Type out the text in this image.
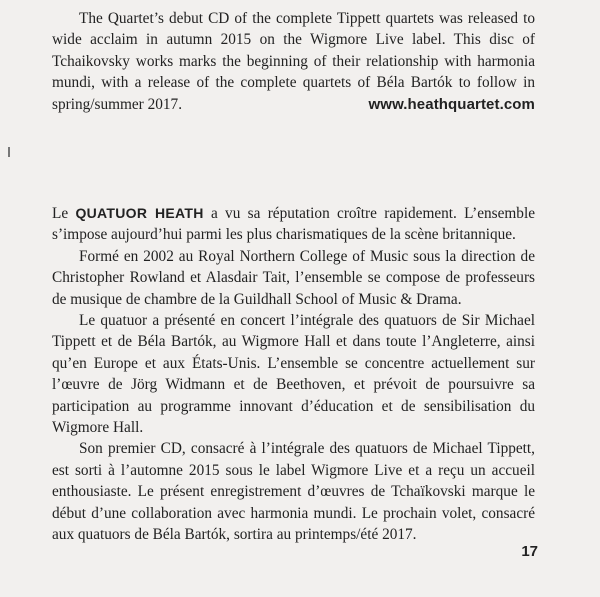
The Quartet’s debut CD of the complete Tippett quartets was released to wide acclaim in autumn 2015 on the Wigmore Live label. This disc of Tchaikovsky works marks the beginning of their relationship with harmonia mundi, with a release of the complete quartets of Béla Bartók to follow in spring/summer 2017.	www.heathquartet.com

Le QUATUOR HEATH a vu sa réputation croître rapidement. L’ensemble s’impose aujourd’hui parmi les plus charismatiques de la scène britannique.

Formé en 2002 au Royal Northern College of Music sous la direction de Christopher Rowland et Alasdair Tait, l’ensemble se compose de professeurs de musique de chambre de la Guildhall School of Music & Drama.

Le quatuor a présenté en concert l’intégrale des quatuors de Sir Michael Tippett et de Béla Bartók, au Wigmore Hall et dans toute l’Angleterre, ainsi qu’en Europe et aux États-Unis. L’ensemble se concentre actuellement sur l’œuvre de Jörg Widmann et de Beethoven, et prévoit de poursuivre sa participation au programme innovant d’éducation et de sensibilisation du Wigmore Hall.

Son premier CD, consacré à l’intégrale des quatuors de Michael Tippett, est sorti à l’automne 2015 sous le label Wigmore Live et a reçu un accueil enthousiaste. Le présent enregistrement d’œuvres de Tchaïkovski marque le début d’une collaboration avec harmonia mundi. Le prochain volet, consacré aux quatuors de Béla Bartók, sortira au printemps/été 2017.

17
